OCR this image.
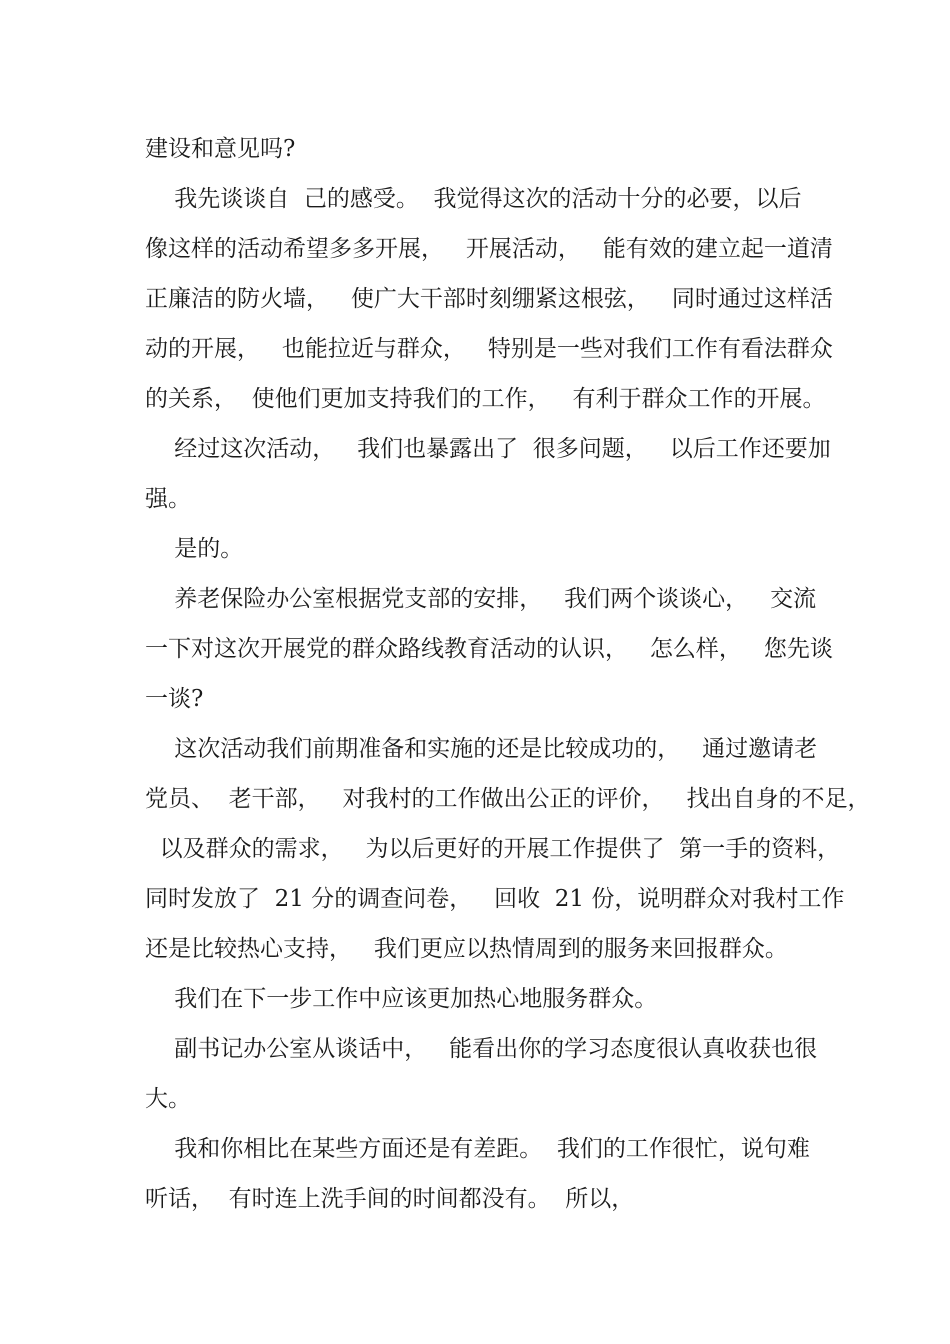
建设和意见吗?
我先谈谈自  己的感受。  我觉得这次的活动十分的必要，以后
像这样的活动希望多多开展，   开展活动，   能有效的建立起一道清
正廉洁的防火墙，   使广大干部时刻绷紧这根弦，   同时通过这样活
动的开展，   也能拉近与群众，   特别是一些对我们工作有看法群众
的关系，  使他们更加支持我们的工作，   有利于群众工作的开展。
经过这次活动，   我们也暴露出了  很多问题，   以后工作还要加
强。
是的。
养老保险办公室根据党支部的安排，   我们两个谈谈心，   交流
一下对这次开展党的群众路线教育活动的认识，   怎么样，   您先谈
一谈?
这次活动我们前期准备和实施的还是比较成功的，   通过邀请老
党员、  老干部，   对我村的工作做出公正的评价，   找出自身的不足，
以及群众的需求，   为以后更好的开展工作提供了  第一手的资料，
同时发放了  21 分的调查问卷，   回收  21 份，说明群众对我村工作
还是比较热心支持，   我们更应以热情周到的服务来回报群众。
我们在下一步工作中应该更加热心地服务群众。
副书记办公室从谈话中，   能看出你的学习态度很认真收获也很
大。
我和你相比在某些方面还是有差距。  我们的工作很忙，说句难
听话，  有时连上洗手间的时间都没有。  所以，
